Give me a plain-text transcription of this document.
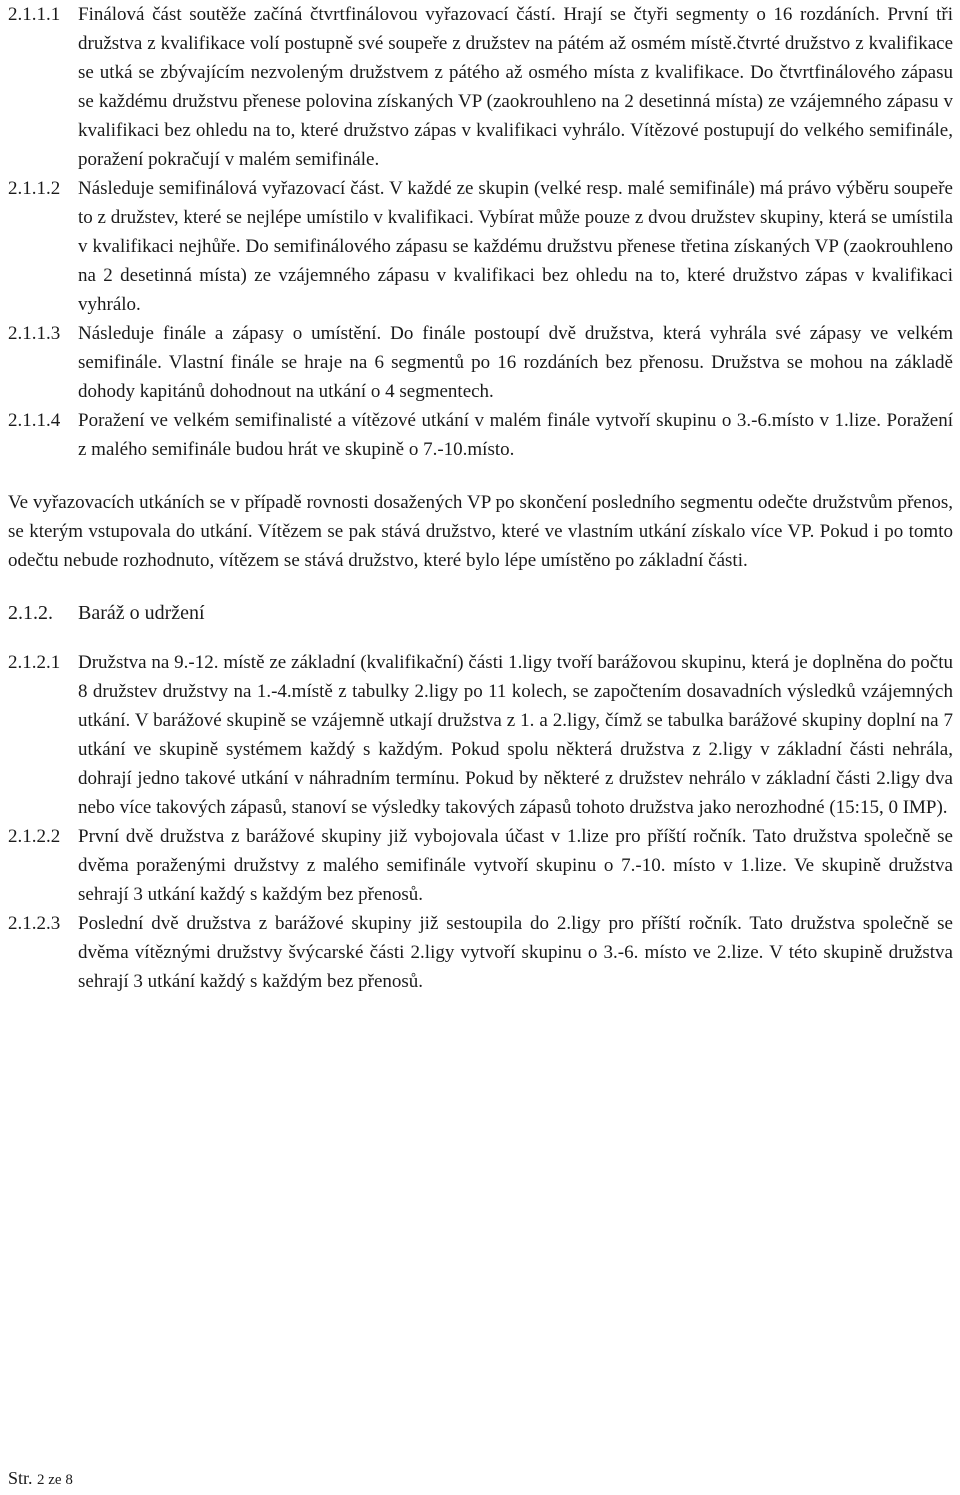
2.1.1.1 Finálová část soutěže začíná čtvrtfinálovou vyřazovací částí. Hrají se čtyři segmenty o 16 rozdáních. První tři družstva z kvalifikace volí postupně své soupeře z družstev na pátém až osmém místě.čtvrté družstvo z kvalifikace se utká se zbývajícím nezvoleným družstvem z pátého až osmého místa z kvalifikace. Do čtvrtfinálového zápasu se každému družstvu přenese polovina získaných VP (zaokrouhleno na 2 desetinná místa) ze vzájemného zápasu v kvalifikaci bez ohledu na to, které družstvo zápas v kvalifikaci vyhrálo. Vítězové postupují do velkého semifinále, poražení pokračují v malém semifinále.
2.1.1.2 Následuje semifinálová vyřazovací část. V každé ze skupin (velké resp. malé semifinále) má právo výběru soupeře to z družstev, které se nejlépe umístilo v kvalifikaci. Vybírat může pouze z dvou družstev skupiny, která se umístila v kvalifikaci nejhůře. Do semifinálového zápasu se každému družstvu přenese třetina získaných VP (zaokrouhleno na 2 desetinná místa) ze vzájemného zápasu v kvalifikaci bez ohledu na to, které družstvo zápas v kvalifikaci vyhrálo.
2.1.1.3 Následuje finále a zápasy o umístění. Do finále postoupí dvě družstva, která vyhrála své zápasy ve velkém semifinále. Vlastní finále se hraje na 6 segmentů po 16 rozdáních bez přenosu. Družstva se mohou na základě dohody kapitánů dohodnout na utkání o 4 segmentech.
2.1.1.4 Poražení ve velkém semifinalisté a vítězové utkání v malém finále vytvoří skupinu o 3.-6.místo v 1.lize. Poražení z malého semifinále budou hrát ve skupině o 7.-10.místo.

Ve vyřazovacích utkáních se v případě rovnosti dosažených VP po skončení posledního segmentu odečte družstvům přenos, se kterým vstupovala do utkání. Vítězem se pak stává družstvo, které ve vlastním utkání získalo více VP. Pokud i po tomto odečtu nebude rozhodnuto, vítězem se stává družstvo, které bylo lépe umístěno po základní části.

2.1.2.	Baráž o udržení
2.1.2.1 Družstva na 9.-12. místě ze základní (kvalifikační) části 1.ligy tvoří barážovou skupinu, která je doplněna do počtu 8 družstev družstvy na 1.-4.místě z tabulky 2.ligy po 11 kolech, se započtením dosavadních výsledků vzájemných utkání. V barážové skupině se vzájemně utkají družstva z 1. a 2.ligy, čímž se tabulka barážové skupiny doplní na 7 utkání ve skupině systémem každý s každým. Pokud spolu některá družstva z 2.ligy v základní části nehrála, dohrají jedno takové utkání v náhradním termínu. Pokud by některé z družstev nehrálo v základní části 2.ligy dva nebo více takových zápasů, stanoví se výsledky takových zápasů tohoto družstva jako nerozhodné (15:15, 0 IMP).
2.1.2.2 První dvě družstva z barážové skupiny již vybojovala účast v 1.lize pro příští ročník. Tato družstva společně se dvěma poraženými družstvy z malého semifinále vytvoří skupinu o 7.-10. místo v 1.lize. Ve skupině družstva sehrají 3 utkání každý s každým bez přenosů.
2.1.2.3 Poslední dvě družstva z barážové skupiny již sestoupila do 2.ligy pro příští ročník. Tato družstva společně se dvěma vítěznými družstvy švýcarské části 2.ligy vytvoří skupinu o 3.-6. místo ve 2.lize. V této skupině družstva sehrají 3 utkání každý s každým bez přenosů.
Str. 2 ze 8
